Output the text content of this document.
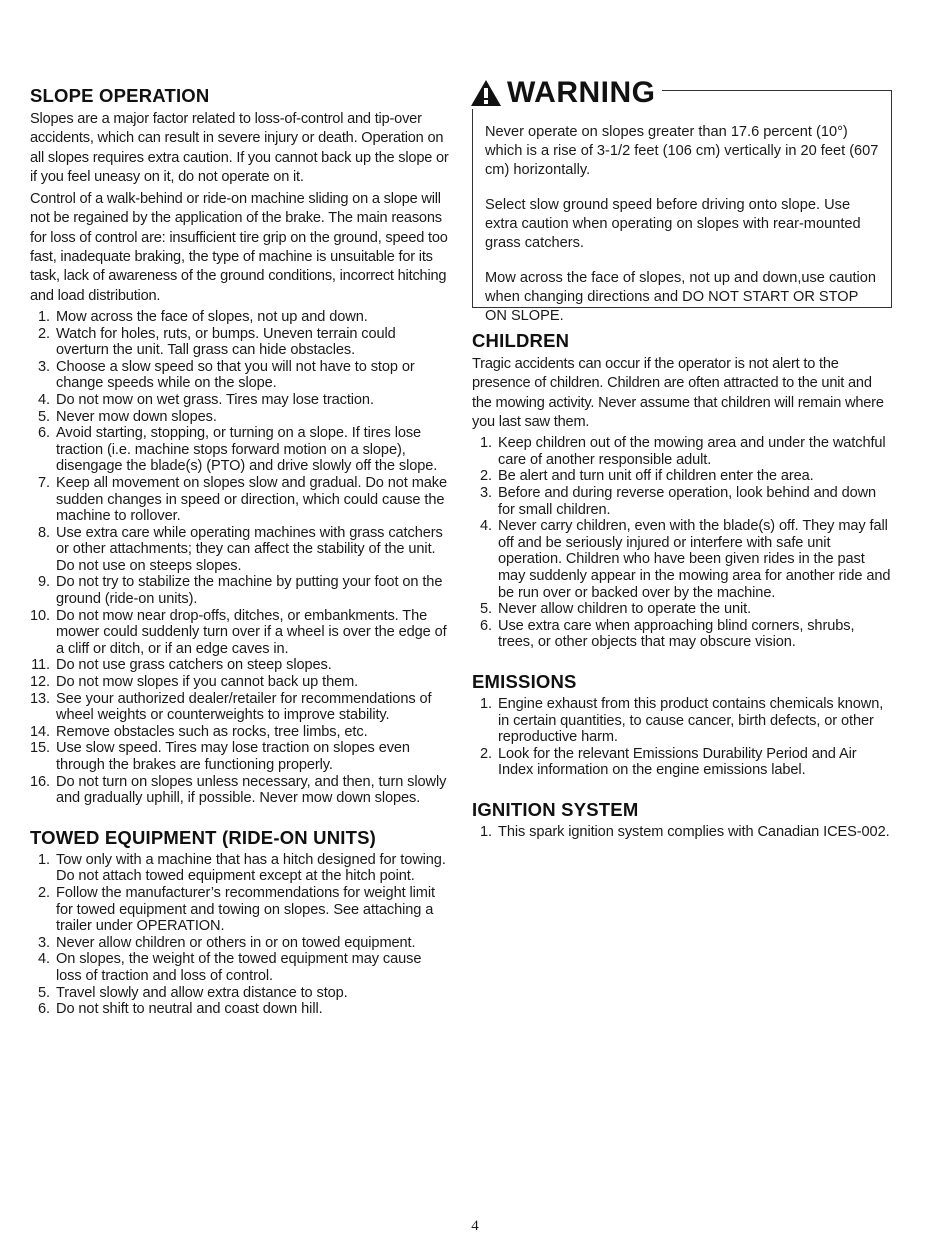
SLOPE OPERATION

Slopes are a major factor related to loss-of-control and tip-over accidents, which can result in severe injury or death. Operation on all slopes requires extra caution. If you cannot back up the slope or if you feel uneasy on it, do not operate on it.

Control of a walk-behind or ride-on machine sliding on a slope will not be regained by the application of the brake. The main reasons for loss of control are: insufficient tire grip on the ground, speed too fast, inadequate braking, the type of machine is unsuitable for its task, lack of awareness of the ground conditions, incorrect hitching and load distribution.

1. Mow across the face of slopes, not up and down.
2. Watch for holes, ruts, or bumps. Uneven terrain could overturn the unit. Tall grass can hide obstacles.
3. Choose a slow speed so that you will not have to stop or change speeds while on the slope.
4. Do not mow on wet grass. Tires may lose traction.
5. Never mow down slopes.
6. Avoid starting, stopping, or turning on a slope. If tires lose traction (i.e. machine stops forward motion on a slope), disengage the blade(s) (PTO) and drive slowly off the slope.
7. Keep all movement on slopes slow and gradual. Do not make sudden changes in speed or direction, which could cause the machine to rollover.
8. Use extra care while operating machines with grass catchers or other attachments; they can affect the stability of the unit. Do not use on steeps slopes.
9. Do not try to stabilize the machine by putting your foot on the ground (ride-on units).
10. Do not mow near drop-offs, ditches, or embankments. The mower could suddenly turn over if a wheel is over the edge of a cliff or ditch, or if an edge caves in.
11. Do not use grass catchers on steep slopes.
12. Do not mow slopes if you cannot back up them.
13. See your authorized dealer/retailer for recommendations of wheel weights or counterweights to improve stability.
14. Remove obstacles such as rocks, tree limbs, etc.
15. Use slow speed. Tires may lose traction on slopes even through the brakes are functioning properly.
16. Do not turn on slopes unless necessary, and then, turn slowly and gradually uphill, if possible. Never mow down slopes.
TOWED EQUIPMENT (RIDE-ON UNITS)
1. Tow only with a machine that has a hitch designed for towing. Do not attach towed equipment except at the hitch point.
2. Follow the manufacturer’s recommendations for weight limit for towed equipment and towing on slopes. See attaching a trailer under OPERATION.
3. Never allow children or others in or on towed equipment.
4. On slopes, the weight of the towed equipment may cause loss of traction and loss of control.
5. Travel slowly and allow extra distance to stop.
6. Do not shift to neutral and coast down hill.
WARNING

Never operate on slopes greater than 17.6 percent (10°) which is a rise of 3-1/2 feet (106 cm) vertically in 20 feet (607 cm) horizontally.

Select slow ground speed before driving onto slope. Use extra caution when operating on slopes with rear-mounted grass catchers.

Mow across the face of slopes, not up and down,use caution when changing directions and DO NOT START OR STOP ON SLOPE.

CHILDREN

Tragic accidents can occur if the operator is not alert to the presence of children. Children are often attracted to the unit and the mowing activity. Never assume that children will remain where you last saw them.

1. Keep children out of the mowing area and under the watchful care of another responsible adult.
2. Be alert and turn unit off if children enter the area.
3. Before and during reverse operation, look behind and down for small children.
4. Never carry children, even with the blade(s) off. They may fall off and be seriously injured or interfere with safe unit operation. Children who have been given rides in the past may suddenly appear in the mowing area for another ride and be run over or backed over by the machine.
5. Never allow children to operate the unit.
6. Use extra care when approaching blind corners, shrubs, trees, or other objects that may obscure vision.
EMISSIONS
1. Engine exhaust from this product contains chemicals known, in certain quantities, to cause cancer, birth defects, or other reproductive harm.
2. Look for the relevant Emissions Durability Period and Air Index information on the engine emissions label.
IGNITION SYSTEM
1. This spark ignition system complies with Canadian ICES-002.
4
